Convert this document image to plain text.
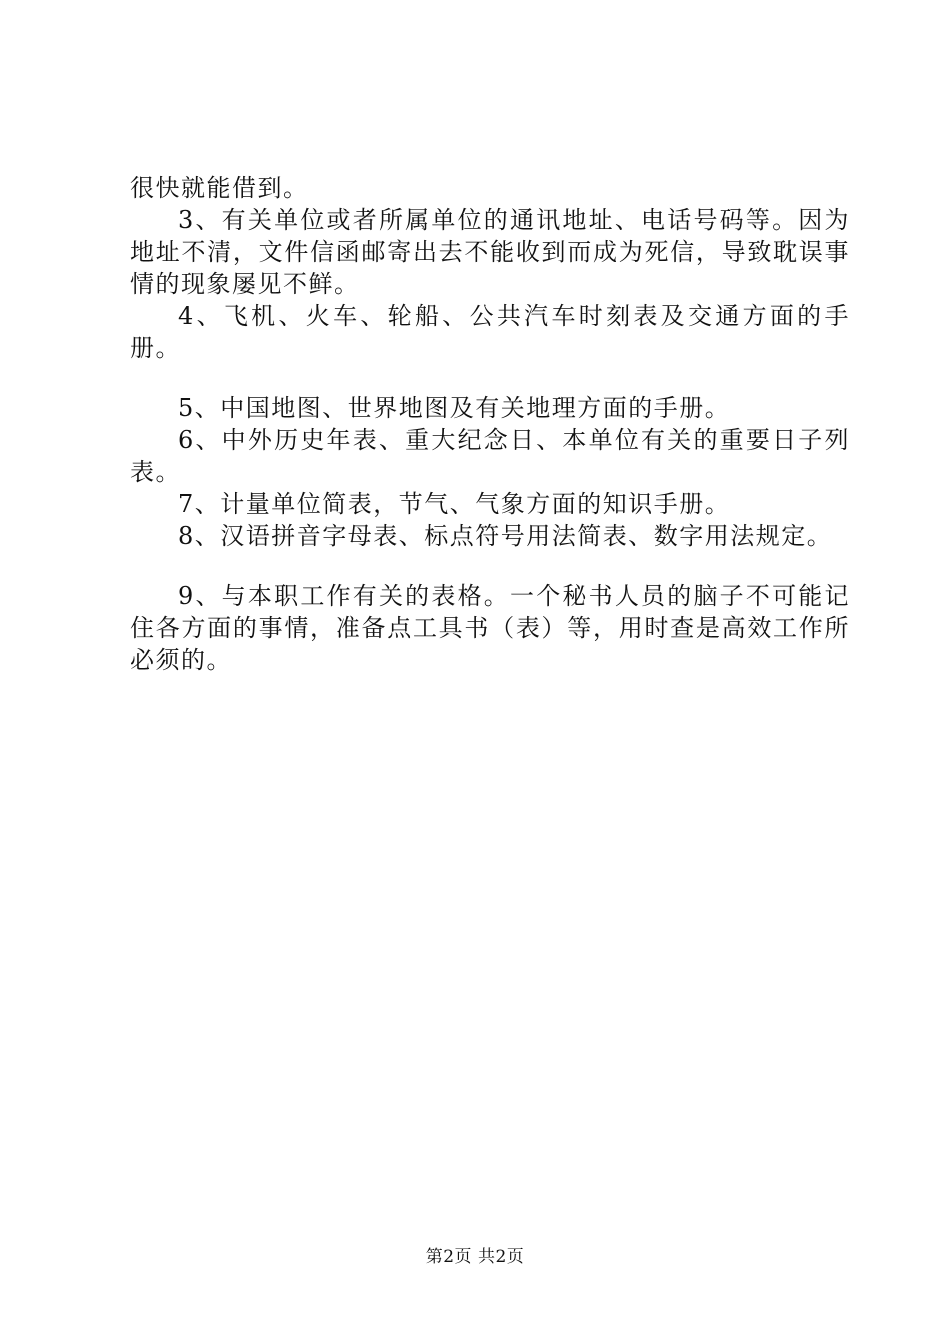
很快就能借到。

3、有关单位或者所属单位的通讯地址、电话号码等。因为地址不清，文件信函邮寄出去不能收到而成为死信，导致耽误事情的现象屡见不鲜。

4、飞机、火车、轮船、公共汽车时刻表及交通方面的手册。

5、中国地图、世界地图及有关地理方面的手册。

6、中外历史年表、重大纪念日、本单位有关的重要日子列表。

7、计量单位简表，节气、气象方面的知识手册。

8、汉语拼音字母表、标点符号用法简表、数字用法规定。

9、与本职工作有关的表格。一个秘书人员的脑子不可能记住各方面的事情，准备点工具书（表）等，用时查是高效工作所必须的。

第2页 共2页
